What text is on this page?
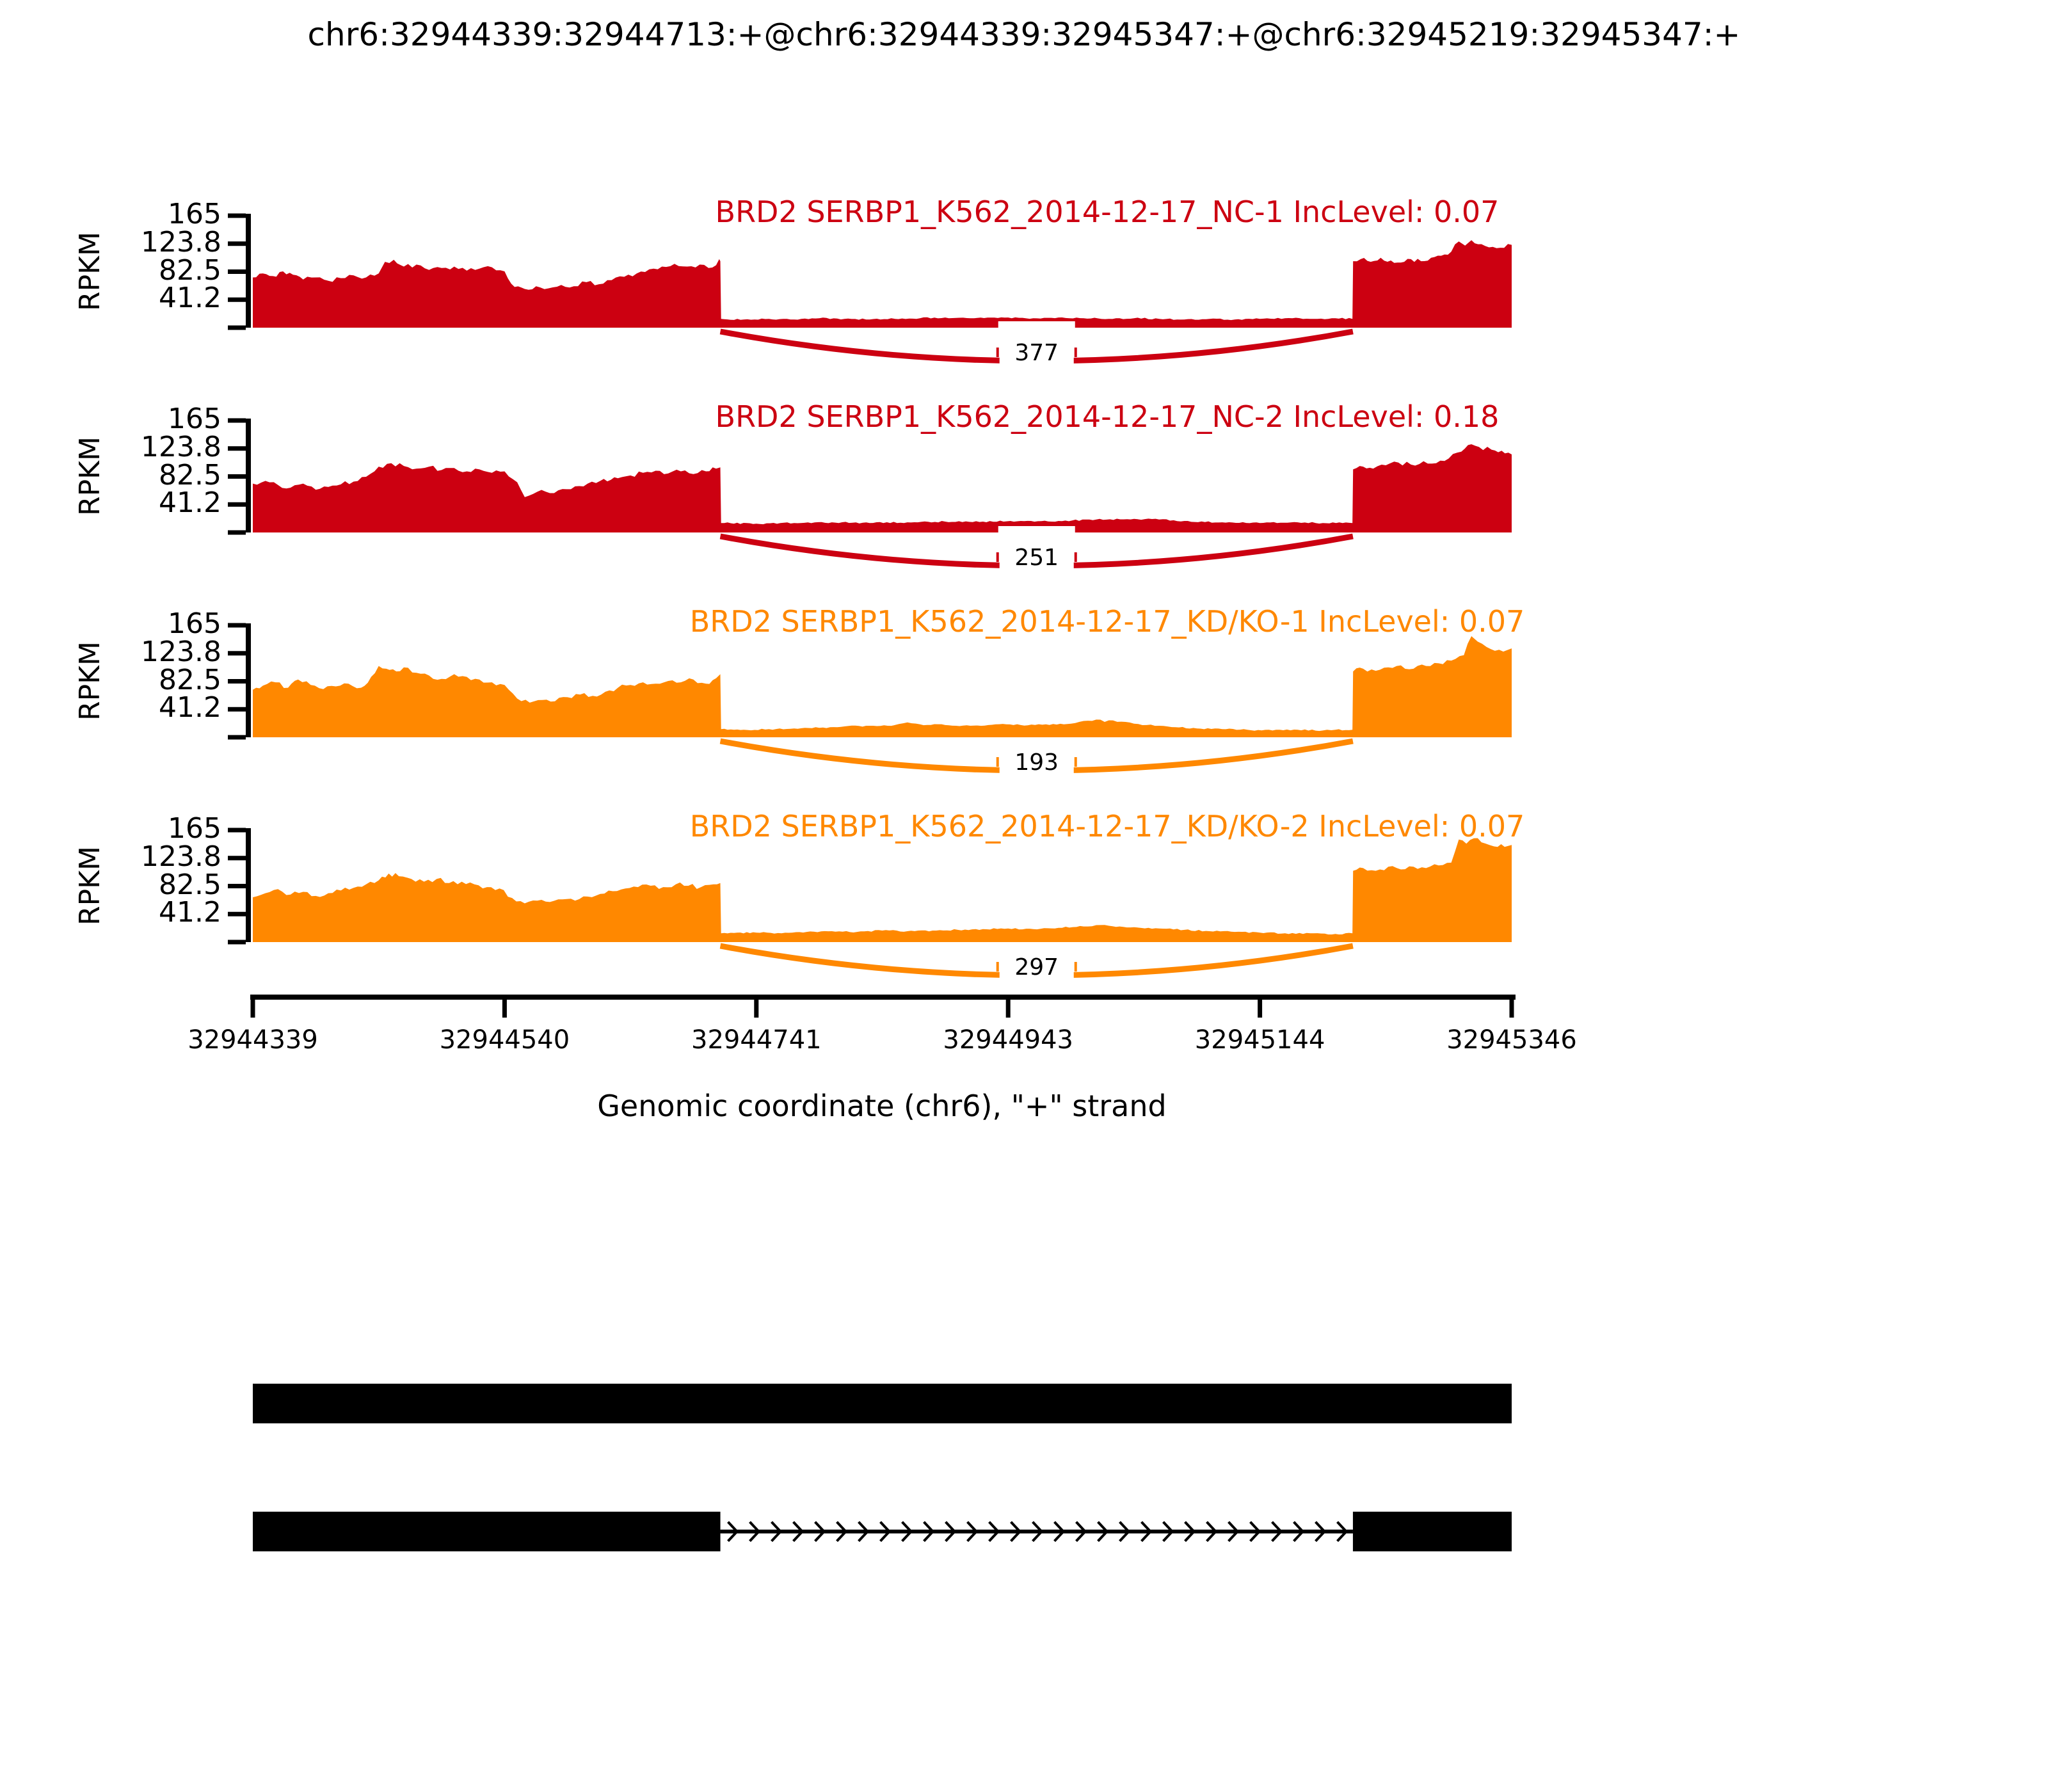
chr6:32944339:32944713:+@chr6:32944339:32945347:+@chr6:32945219:32945347:+
BRD2 SERBP1_K562_2014-12-17_NC-1 IncLevel: 0.07
165
123.8
82.5
41.2
RPKM
377
BRD2 SERBP1_K562_2014-12-17_NC-2 IncLevel: 0.18
165
123.8
82.5
41.2
RPKM
251
BRD2 SERBP1_K562_2014-12-17_KD/KO-1 IncLevel: 0.07
165
123.8
82.5
41.2
RPKM
193
BRD2 SERBP1_K562_2014-12-17_KD/KO-2 IncLevel: 0.07
165
123.8
82.5
41.2
RPKM
297
32944339	32944540	32944741	32944943	32945144	32945346
Genomic coordinate (chr6), "+" strand
